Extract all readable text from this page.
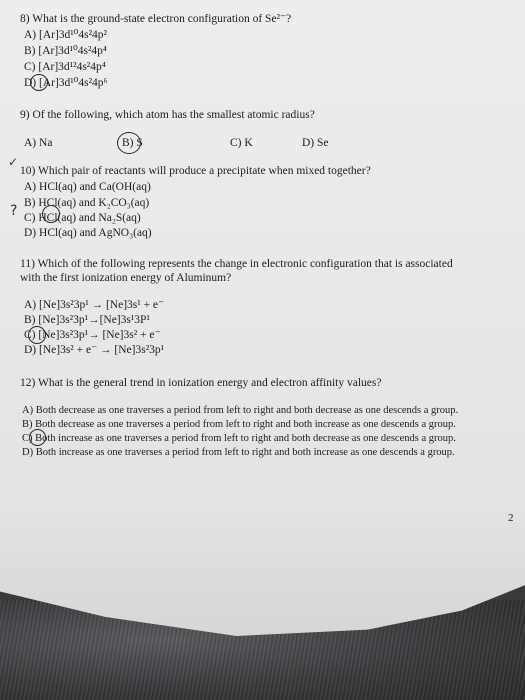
8) What is the ground-state electron configuration of Se²⁻?
A) [Ar]3d¹⁰4s²4p²
B) [Ar]3d¹⁰4s²4p⁴
C) [Ar]3d¹²4s²4p⁴
D) [Ar]3d¹⁰4s²4p⁶
9) Of the following, which atom has the smallest atomic radius?
A) Na	B) S	C) K	D) Se
✓
10) Which pair of reactants will produce a precipitate when mixed together?
A) HCl(aq) and Ca(OH(aq)
B) HCl(aq) and K₂CO₃(aq)
? C) HCl(aq) and Na₂S(aq)
D) HCl(aq) and AgNO₃(aq)
11) Which of the following represents the change in electronic configuration that is associated
with the first ionization energy of Aluminum?
A) [Ne]3s²3p¹ → [Ne]3s¹ + e⁻
B) [Ne]3s²3p¹→[Ne]3s¹3P¹
C) [Ne]3s²3p¹→ [Ne]3s² + e⁻
D) [Ne]3s² + e⁻ → [Ne]3s²3p¹
12) What is the general trend in ionization energy and electron affinity values?
A) Both decrease as one traverses a period from left to right and both decrease as one descends a group.
B) Both decrease as one traverses a period from left to right and both increase as one descends a group.
C) Both increase as one traverses a period from left to right and both decrease as one descends a group.
D) Both increase as one traverses a period from left to right and both increase as one descends a group.
2
